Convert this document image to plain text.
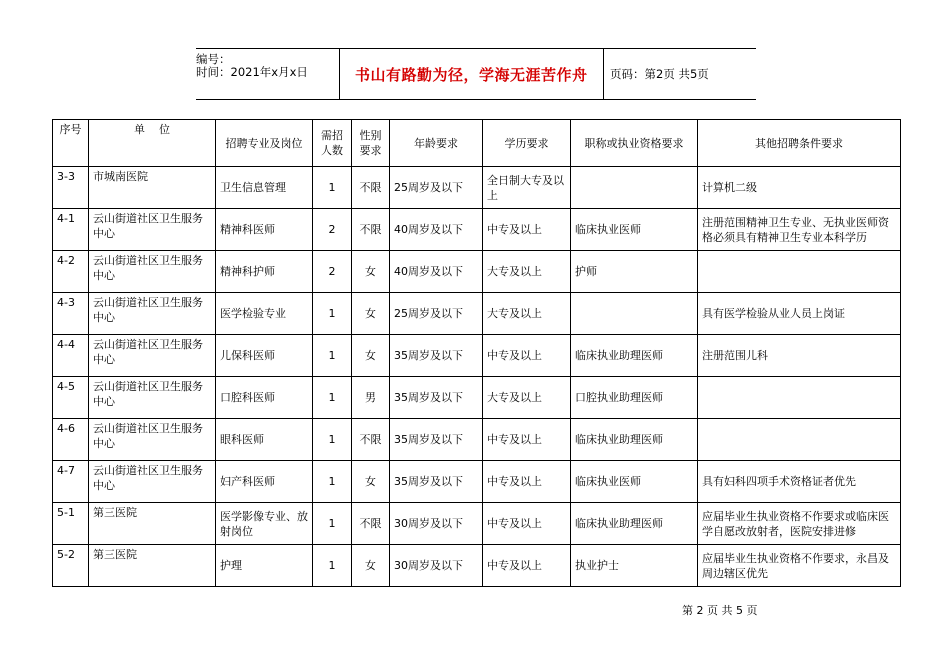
编号：
时间：2021年x月x日	书山有路勤为径，学海无涯苦作舟 页码：第2页 共5页
序号	单    位	招聘专业及岗位	需招人数	性别要求	年龄要求	学历要求	职称或执业资格要求	其他招聘条件要求
3-3	市城南医院	卫生信息管理	1	不限	25周岁及以下	全日制大专及以上		计算机二级
4-1	云山街道社区卫生服务中心	精神科医师	2	不限	40周岁及以下	中专及以上	临床执业医师	注册范围精神卫生专业、无执业医师资格必须具有精神卫生专业本科学历
4-2	云山街道社区卫生服务中心	精神科护师	2	女	40周岁及以下	大专及以上	护师	
4-3	云山街道社区卫生服务中心	医学检验专业	1	女	25周岁及以下	大专及以上		具有医学检验从业人员上岗证
4-4	云山街道社区卫生服务中心	儿保科医师	1	女	35周岁及以下	中专及以上	临床执业助理医师	注册范围儿科
4-5	云山街道社区卫生服务中心	口腔科医师	1	男	35周岁及以下	大专及以上	口腔执业助理医师	
4-6	云山街道社区卫生服务中心	眼科医师	1	不限	35周岁及以下	中专及以上	临床执业助理医师	
4-7	云山街道社区卫生服务中心	妇产科医师	1	女	35周岁及以下	中专及以上	临床执业医师	具有妇科四项手术资格证者优先
5-1	第三医院	医学影像专业、放射岗位	1	不限	30周岁及以下	中专及以上	临床执业助理医师	应届毕业生执业资格不作要求或临床医学自愿改放射者，医院安排进修
5-2	第三医院	护理	1	女	30周岁及以下	中专及以上	执业护士	应届毕业生执业资格不作要求，永昌及周边辖区优先
第 2 页 共 5 页
